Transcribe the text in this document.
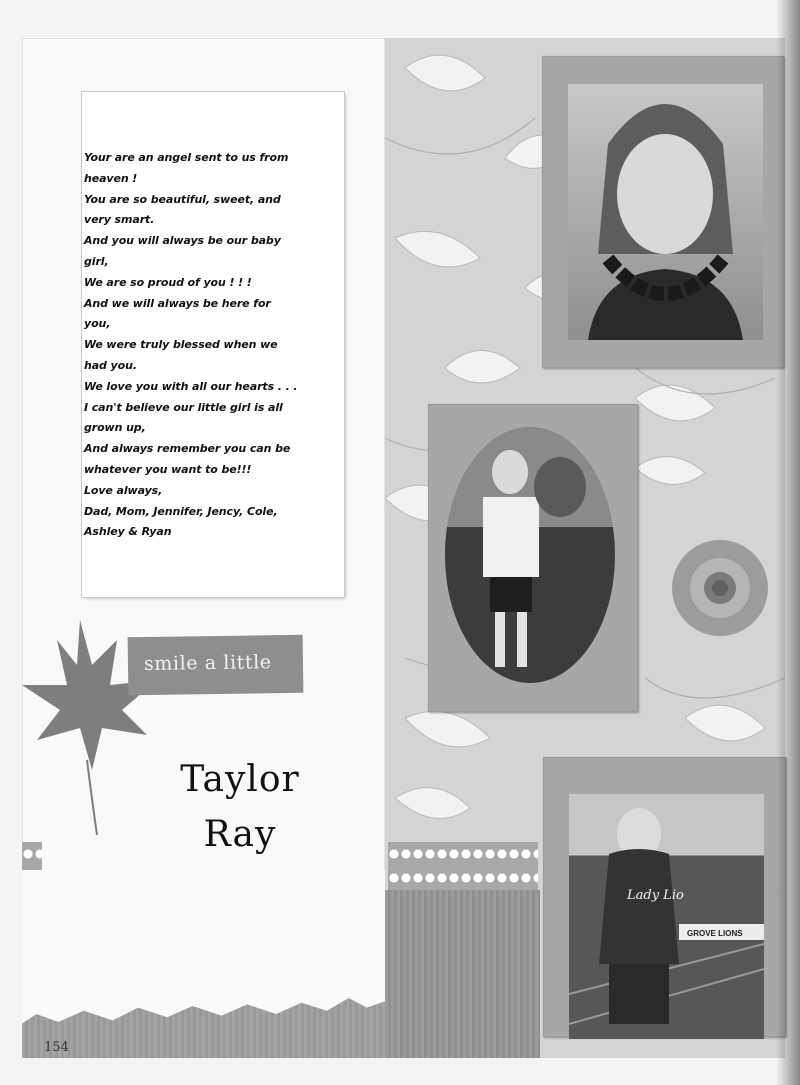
Your are an angel sent to us from
heaven !
You are so beautiful, sweet, and
very smart.
And you will always be our baby
girl,
We are so proud of you ! ! !
And we will always be here for
you,
We were truly blessed when we
had you.
We love you with all our hearts . . .
I can't believe our little girl is all
grown up,
And always remember you can be
whatever you want to be!!!
Love always,
Dad, Mom, Jennifer, Jency, Cole,
Ashley & Ryan
smile a little
Taylor
Ray
GROVE LIONS
Lady Lio
154
